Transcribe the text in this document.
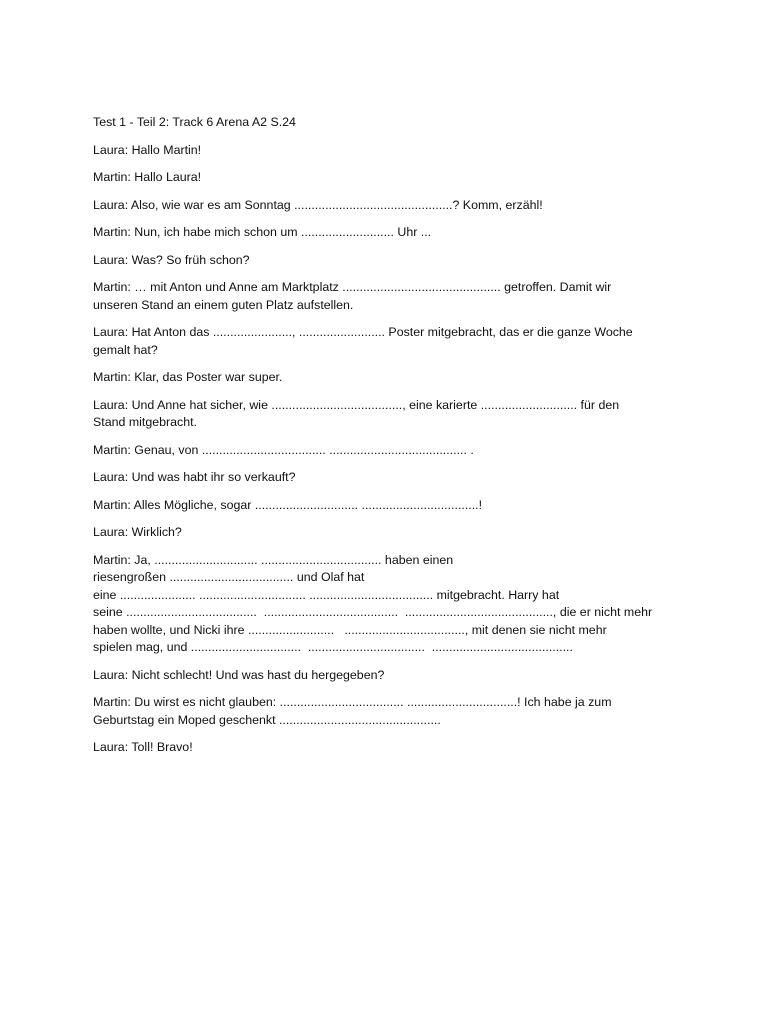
Test 1 - Teil 2: Track 6 Arena A2 S.24
Laura: Hallo Martin!
Martin: Hallo Laura!
Laura: Also, wie war es am Sonntag ..............................................? Komm, erzähl!
Martin: Nun, ich habe mich schon um ........................... Uhr ...
Laura: Was? So früh schon?
Martin: … mit Anton und Anne am Marktplatz .............................................. getroffen. Damit wir
unseren Stand an einem guten Platz aufstellen.
Laura: Hat Anton das ......................., ......................... Poster mitgebracht, das er die ganze Woche
gemalt hat?
Martin: Klar, das Poster war super.
Laura: Und Anne hat sicher, wie ......................................, eine karierte ............................ für den
Stand mitgebracht.
Martin: Genau, von .................................... ........................................ .
Laura: Und was habt ihr so verkauft?
Martin: Alles Mögliche, sogar .............................. ..................................!
Laura: Wirklich?
Martin: Ja, .............................. ................................... haben einen
riesengroßen .................................... und Olaf hat
eine ...................... ............................... .................................... mitgebracht. Harry hat
seine ......................................  .......................................  ..........................................., die er nicht mehr
haben wollte, und Nicki ihre .........................   ..................................., mit denen sie nicht mehr
spielen mag, und ................................  ..................................  .........................................
Laura: Nicht schlecht! Und was hast du hergegeben?
Martin: Du wirst es nicht glauben: .................................... ................................! Ich habe ja zum
Geburtstag ein Moped geschenkt ...............................................
Laura: Toll! Bravo!
